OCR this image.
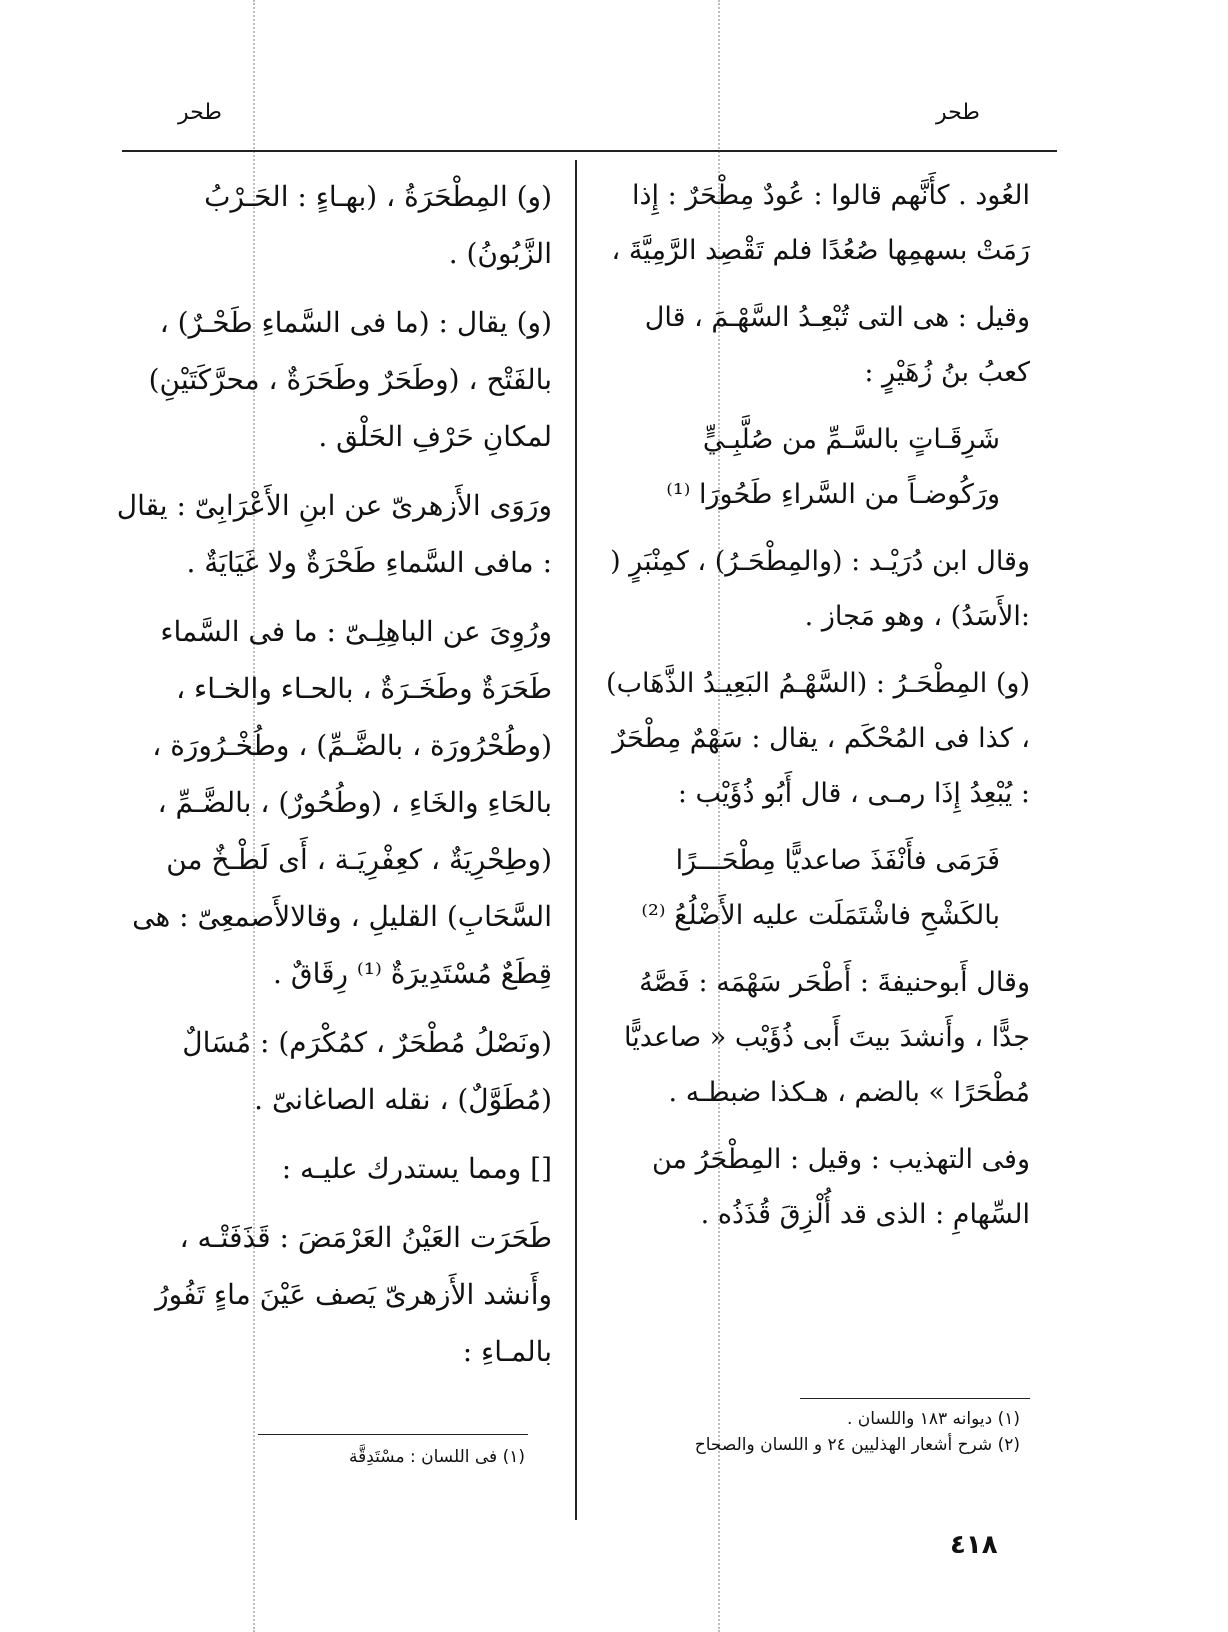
طحر	طحر

العُود . كأَنَّهم قالوا : عُودٌ مِطْحَرٌ : إِذا رَمَتْ بسهمِها صُعُدًا فلم تَقْصِد الرَّمِيَّةَ ،

وقيل : هى التى تُبْعِـدُ السَّهْـمَ ، قال كعبُ بنُ زُهَيْرٍ :

شَرِقَـاتٍ بالسَّـمِّ من صُلَّبِـيٍّ

ورَكُوضـاً من السَّراءِ طَحُورَا ⁽¹⁾

وقال ابن دُرَيْـد : (والمِطْحَـرُ) ، كمِنْبَرٍ ( :الأَسَدُ) ، وهو مَجاز .

(و) المِطْحَـرُ : (السَّهْـمُ البَعِيـدُ الذَّهَاب) ، كذا فى المُحْكَم ، يقال : سَهْمٌ مِطْحَرٌ : يُبْعِدُ إِذَا رمـى ، قال أَبُو ذُؤَيْب :

فَرَمَى فأَنْفَذَ صاعديًّا مِطْحَـــرًا

بالكَشْحِ فاشْتَمَلَت عليه الأَضْلُعُ ⁽²⁾

وقال أَبوحنيفةَ : أَطْحَر سَهْمَه : فَصَّهُ جدًّا ، وأَنشدَ بيتَ أَبى ذُؤَيْب « صاعديًّا مُطْحَرًا » بالضم ، هـكذا ضبطـه .

وفى التهذيب : وقيل : المِطْحَرُ من السِّهامِ : الذى قد أُلْزِقَ قُذَذُه .

(١) ديوانه ١٨٣ واللسان .

(٢) شرح أشعار الهذليين ٢٤ و اللسان والصحاح

(و) المِطْحَرَةُ ، (بهـاءٍ : الحَـرْبُ الزَّبُونُ) .

(و) يقال : (ما فى السَّماءِ طَحْـرٌ) ، بالفَتْح ، (وطَحَرٌ وطَحَرَةٌ ، محرَّكَتَيْنِ) لمكانِ حَرْفِ الحَلْق .

ورَوَى الأَزهرىّ عن ابنِ الأَعْرَابِىّ : يقال : مافى السَّماءِ طَحْرَةٌ ولا غَيَايَةٌ .

ورُوِىَ عن الباهِلِـىّ : ما فى السَّماء طَحَرَةٌ وطَخَـرَةٌ ، بالحـاء والخـاء ، (وطُحْرُورَة ، بالضَّـمِّ) ، وطُخْـرُورَة ، بالحَاءِ والخَاءِ ، (وطُحُورٌ) ، بالضَّـمِّ ، (وطِحْرِيَةٌ ، كعِفْرِيَـة ، أَى لَطْـخٌ من السَّحَابِ) القليلِ ، وقالالأَصمعِىّ : هى قِطَعٌ مُسْتَدِيرَةٌ ⁽¹⁾ رِقَاقٌ .

(ونَصْلُ مُطْحَرٌ ، كمُكْرَم) : مُسَالٌ (مُطَوَّلٌ) ، نقله الصاغانىّ .

[] ومما يستدرك عليـه :

طَحَرَت العَيْنُ العَرْمَضَ : قَذَفَتْـه ، وأَنشد الأَزهرىّ يَصف عَيْنَ ماءٍ تَفُورُ بالمـاءِ :

(١) فى اللسان : مسْتَدِقَّة

٤١٨
